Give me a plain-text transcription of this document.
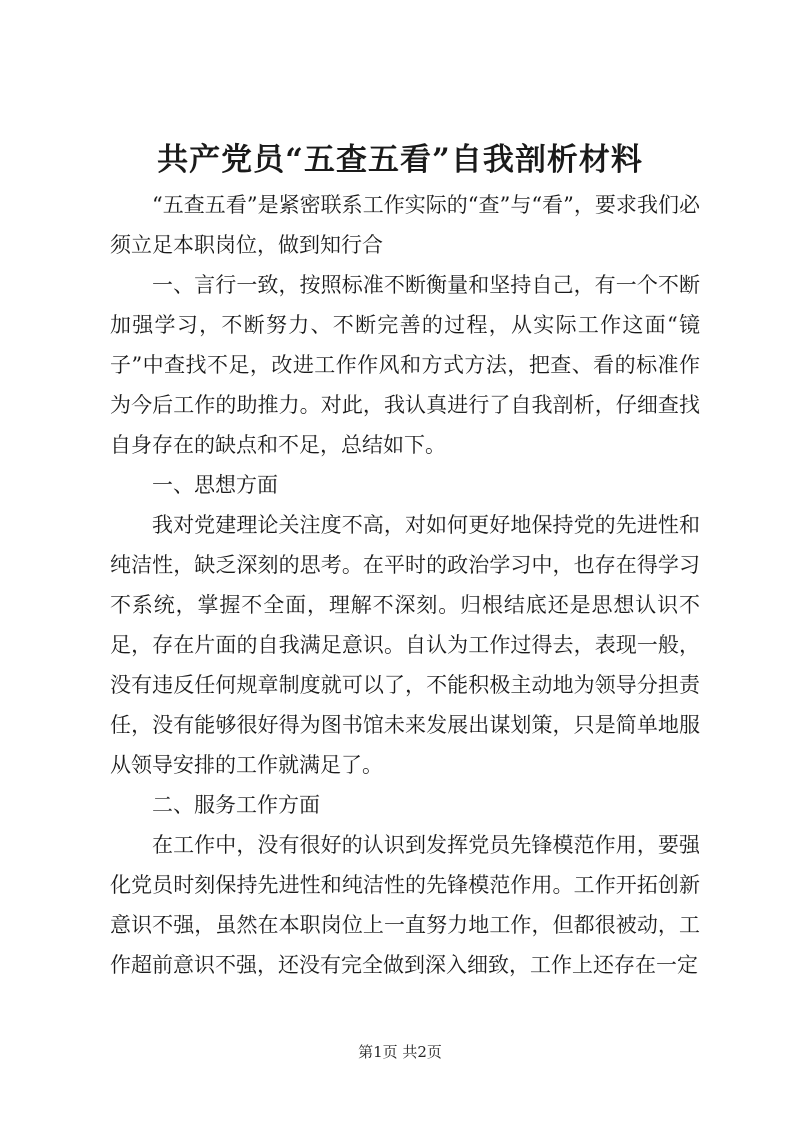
共产党员“五查五看”自我剖析材料

“五查五看”是紧密联系工作实际的“查”与“看”，要求我们必须立足本职岗位，做到知行合

一、言行一致，按照标准不断衡量和坚持自己，有一个不断加强学习，不断努力、不断完善的过程，从实际工作这面“镜子”中查找不足，改进工作作风和方式方法，把查、看的标准作为今后工作的助推力。对此，我认真进行了自我剖析，仔细查找自身存在的缺点和不足，总结如下。

一、思想方面

我对党建理论关注度不高，对如何更好地保持党的先进性和纯洁性，缺乏深刻的思考。在平时的政治学习中，也存在得学习不系统，掌握不全面，理解不深刻。归根结底还是思想认识不足，存在片面的自我满足意识。自认为工作过得去，表现一般，没有违反任何规章制度就可以了，不能积极主动地为领导分担责任，没有能够很好得为图书馆未来发展出谋划策，只是简单地服从领导安排的工作就满足了。

二、服务工作方面

在工作中，没有很好的认识到发挥党员先锋模范作用，要强化党员时刻保持先进性和纯洁性的先锋模范作用。工作开拓创新意识不强，虽然在本职岗位上一直努力地工作，但都很被动，工作超前意识不强，还没有完全做到深入细致，工作上还存在一定

第1页 共2页
